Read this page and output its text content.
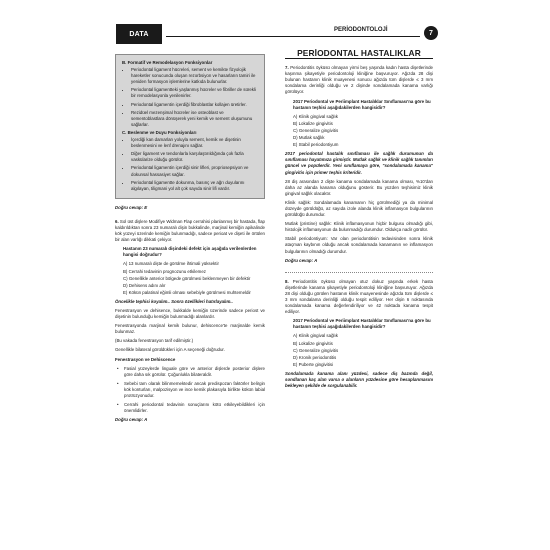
DATA
PERİODONTOLOJİ	7
B. Formatif ve Remodelasyon Fonksiyonlar
• Periodontal ligament hücreleri, sement ve kemikte fizyolojik hareketler sonucunda oluşan rezorbsiyon ve hasarların tamiri ile yeniden formasyon işlemlerine katkıda bulunurlar.
• Periodontal ligamentteki yaşlanmış hücreler ve fibriller de sürekli bir remodelasyonla yenilenirler.
• Periodontal ligamentin içerdiği fibroblastlar kollajen üretirler.
• Rezidüel mezenşimal hücreler ise osteoblast ve sementoblastlara dönüşerek yeni kemik ve sement oluşumunu sağlarlar.
C. Beslenme ve Duyu Fonksiyonları
• İçerdiği kan damarları yoluyla sement, kemik ve dişetinin beslenmesini ve lenf drenajını sağlar.
• Diğer ligament ve tendonlarla karşılaştırıldığında çok fazla vaskülarize olduğu görülür.
• Periodontal ligamentin içerdiği sinir lifleri, propriosepsiyon ve dokunsal hassasiyet sağlar.
• Periodontal ligamentte dokunma, basınç ve ağrı duyularını algılayan, tiligmani yol alt çok sayıda sinir lifi vardır.
Doğru cevap: E
6. Sol üst dişlere Modifiye Widman Flap cerrahisi planlanmış bir hastada, flap kaldırıldıktan sonra 23 numaralı dişin bukkalinde, marjinal kemiğin apikalinde kök yüzeyi üzerinde kemiğin bulunmadığı, sadece perioat ve dişeti ile örtülen bir alan varlığı dikkati çekiyor.
Hastanın 23 numaralı dişindeki defekt için aşağıda verilenlerden hangisi doğrudur?
A) 13 numaralı dişte de görülme ihtimali yüksektir
B) Cerrahi tedavinin prognozunu etkilemez
C) Genellikle anterior bölgede görülmesi beklenmeyen bir defektir
D) Dehisens adını alır
E) Kökün palatinal eğimli olması sebebiyle görülmesi muhtemeldir
Öncelikle tephisi koyalım.. Sonra özellikleri hatırlayalım..
Fenestrasyon ve dehisence, bukkalde kemiğin üzerinde sadece periost ve dişetinin bulunduğu kemiğin bulunmadığı alanlardır.
Fenestrasyonda marjinal kemik bulunur, dehiscence'te marjinalde kemik bulunmaz.
(Bu vakada fenestrasyon tarif edilmiştir.)
Genellikle bilateral görüldükleri için A seçeneği doğrudur.
Fenestrasyon ve Dehiscence
• Fasial yüzeylerde linguale göre ve anterior dişlerde posterior dişlere göre daha sık görülür. Çoğunlukla bilateraldir.
• Sebebi tam olarak bilinmemektedir ancak predispozan faktörler belirgin kök konturları, malpozisyon ve ince kemik plakasıyla birlikte kökün labial protrüzyonudur.
• Cerrahi periodontal tedavinin sonuçlarını kötü etkileyebildikleri için önemlidirler.
Doğru cevap: A
PERİODONTAL HASTALIKLAR
7. Periodontitis öyküsü olmayan yirmi beş yaşında kadın hasta dişetlerinde kaşınma şikayetiyle periodontoloji kliniğine başvuruyor. Ağızda 28 dişi bulunan hastanın klinik muayenesi sonucu ağızda tüm dişlerde ≤ 3 mm sondalama derinliği olduğu ve 2 dişinde sondalamada kanama varlığı görülüyor.
2017 Periodontal ve Periimplant Hastalıklar Sınıflaması'na göre bu hastanın teşhisi aşağıdakilerden hangisidir?
A) Klinik gingival sağlık
B) Lokalize gingivitis
C) Generalize gingivitis
D) Mutlak sağlık
E) Stabil periodontiyum
2017 periodontal hastalık sınıflaması ile sağlık durumunun da sınıflaması hayatımıza girmiştir. Mutlak sağlık ve klinik sağlık tanımları güncel ve popülerdir. Yeni sınıflamaya göre, "sondalamada kanama" gingivitis için primer teşhis kriteridir.
28 diş arasından 2 dişte kanama sondalamada kanama olması, %10'dan daha az alanda kanama olduğunu gösterir. Bu yüzden teşhisimiz klinik gingival sağlık olacaktır.
Klinik sağlık: Sondalamada kanamanın hiç görülmediği ya da minimal düzeyde görüldüğü, az sayıda izole alanda klinik inflamasyon bulgularının görüldüğü durumdur.
Mutlak (pristine) sağlık: Klinik inflamasyonun hiçbir bulgusu olmadığı gibi, histolojik inflamasyonun da bulunmadığı durumdur. Oldukça nadir görülür.
Stabil periodontiyum: Var olan periodontitisin tedavisinden sonra klinik ataçman kaybının olduğu ancak sondalamada kanamanın ve inflamasyon bulgularının olmadığı durumdur.
Doğru cevap: A
8. Periodontitis öyküsü olmayan otuz dokuz yaşında erkek hasta dişetlerinde kanama şikayetiyle periodontoloji kliniğine başvuruyor. Ağızda 28 dişi olduğu görülen hastanın klinik muayenesinde ağızda tüm dişlerde ≤ 3 mm sondalama derinliği olduğu tespit ediliyor. Her dişin 6 noktasında sondalamada kanama değerlendiriliyor ve 42 noktada kanama tespit ediliyor.
2017 Periodontal ve Periimplant Hastalıklar Sınıflaması'na göre bu hastanın teşhisi aşağıdakilerden hangisidir?
A) Klinik gingival sağlık
B) Lokalize gingivitis
C) Generalize gingivitis
D) Kronik periodontitis
E) Puberte gingivitisi
Sondalamada kanama alanı yüzdesi, sadece diş bazında değil, sondlanan kaç alan varsa o alanların yüzdesine göre hesaplanmasını bekleyen şekilde de sorgulanabilir.
